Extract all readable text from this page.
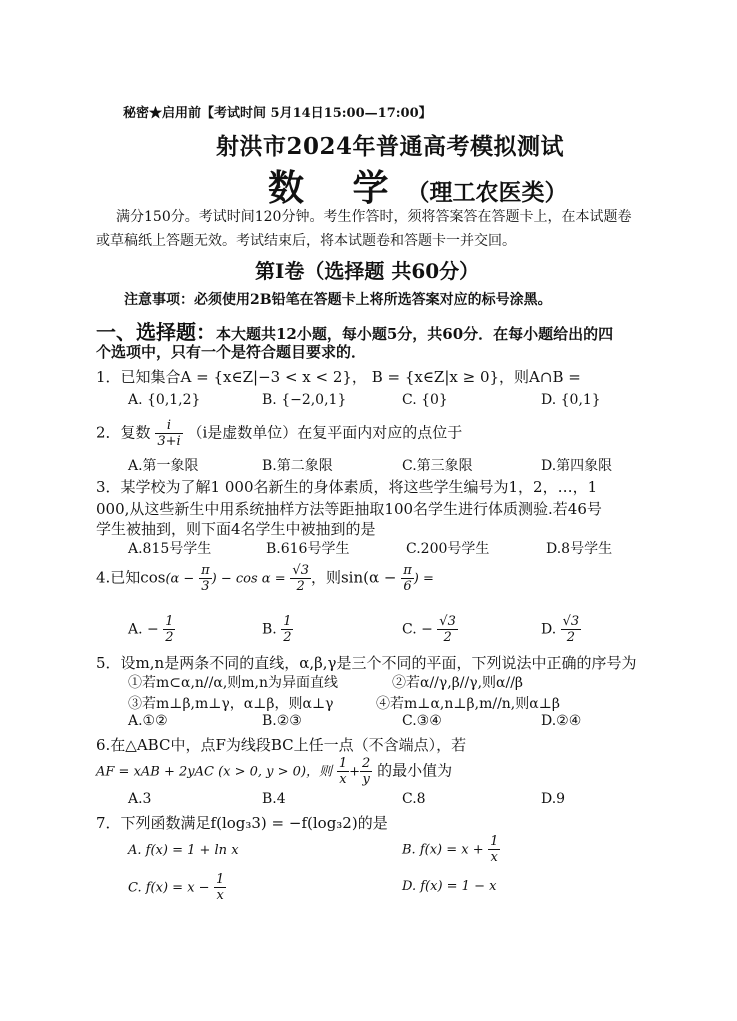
秘密★启用前【考试时间 5月14日15:00—17:00】
射洪市2024年普通高考模拟测试
数 学（理工农医类）
满分150分。考试时间120分钟。考生作答时，须将答案答在答题卡上，在本试题卷
或草稿纸上答题无效。考试结束后，将本试题卷和答题卡一并交回。
第Ⅰ卷（选择题 共60分）
注意事项：必须使用2B铅笔在答题卡上将所选答案对应的标号涂黑。
一、选择题：本大题共12小题，每小题5分，共60分．在每小题给出的四
个选项中，只有一个是符合题目要求的．
1．已知集合A = {x∈Z|−3 < x < 2}， B = {x∈Z|x ≥ 0}，则A∩B =
A. {0,1,2}	B. {−2,0,1}	C. {0}	D. {0,1}
2．复数 $\frac{i}{3+i} (i$是虚数单位）在复平面内对应的点位于
A.第一象限	B.第二象限	C.第三象限	D.第四象限
3．某学校为了解1 000名新生的身体素质，将这些学生编号为1，2，…，1
000,从这些新生中用系统抽样方法等距抽取100名学生进行体质测验.若46号
学生被抽到，则下面4名学生中被抽到的是
A.815号学生	B.616号学生	C.200号学生	D.8号学生
4.已知$\cos(\alpha - \frac{\pi}{3}$ ) − $\cos \alpha = \frac{√3}{2}$ ，则$\sin(\alpha - \frac{\pi}{6}$ ) =
A. − $\frac{1}{2}$	B. $\frac{1}{2}$	C. − $\frac{√3}{2}$	D. $\frac{√3}{2}$
5．设m,n是两条不同的直线，α,β,γ是三个不同的平面，下列说法中正确的序号为
①若m⊂α,n//α,则m,n为异面直线	②若α//γ,β//γ,则α//β
③若m⊥β,m⊥γ，α⊥β，则α⊥γ	④若m⊥α,n⊥β,m//n,则α⊥β
A.①②	B.②③	C.③④	D.②④
6.在△ABC中，点F为线段BC上任一点（不含端点），若
AF = xAB + 2yAC (x > 0, y > 0)，则 $\frac{1}{x} + \frac{2}{y}$ 的最小值为
A.3	B.4	C.8	D.9
7．下列函数满足f(log₃3) = −f(log₃2)的是
A. f(x) = 1 + ln x	B. $f(x) = x + \frac{1}{x}$
C. $f(x) = x - \frac{1}{x}$	D. f(x) = 1 − x
